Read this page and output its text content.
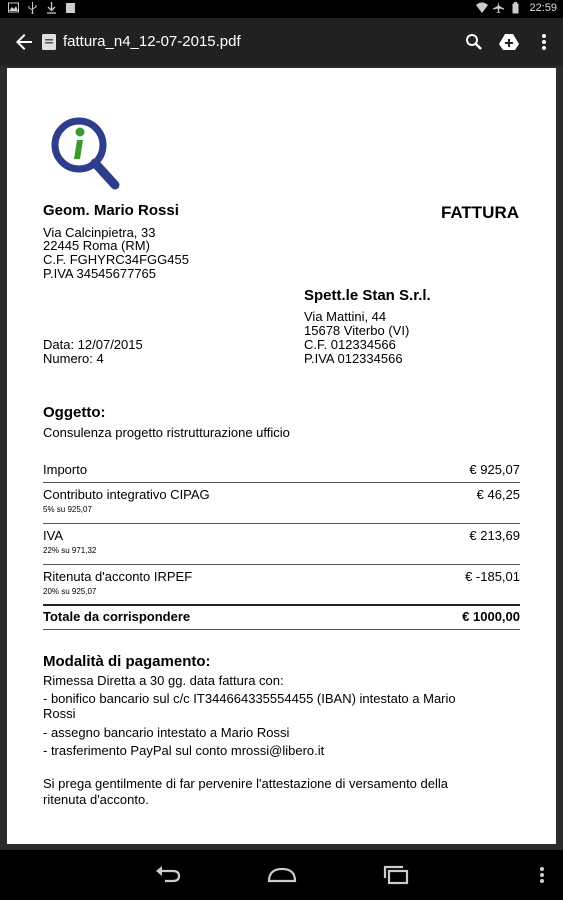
22:59
fattura_n4_12-07-2015.pdf
Geom. Mario Rossi
Via Calcinpietra, 33
22445 Roma (RM)
C.F. FGHYRC34FGG455
P.IVA 34545677765
FATTURA
Spett.le Stan S.r.l.
Via Mattini, 44
15678 Viterbo (VI)
C.F. 012334566
P.IVA 012334566
Data: 12/07/2015
Numero: 4
Oggetto:
Consulenza progetto ristrutturazione ufficio
Importo	€ 925,07
Contributo integrativo CIPAG
5% su 925,07
€ 46,25
IVA
22% su 971,32
€ 213,69
Ritenuta d'acconto IRPEF
20% su 925,07
€ -185,01
Totale da corrispondere	€ 1000,00
Modalità di pagamento:
Rimessa Diretta a 30 gg. data fattura con:
- bonifico bancario sul c/c IT344664335554455 (IBAN) intestato a Mario
Rossi
- assegno bancario intestato a Mario Rossi
- trasferimento PayPal sul conto mrossi@libero.it
Si prega gentilmente di far pervenire l'attestazione di versamento della
ritenuta d'acconto.
